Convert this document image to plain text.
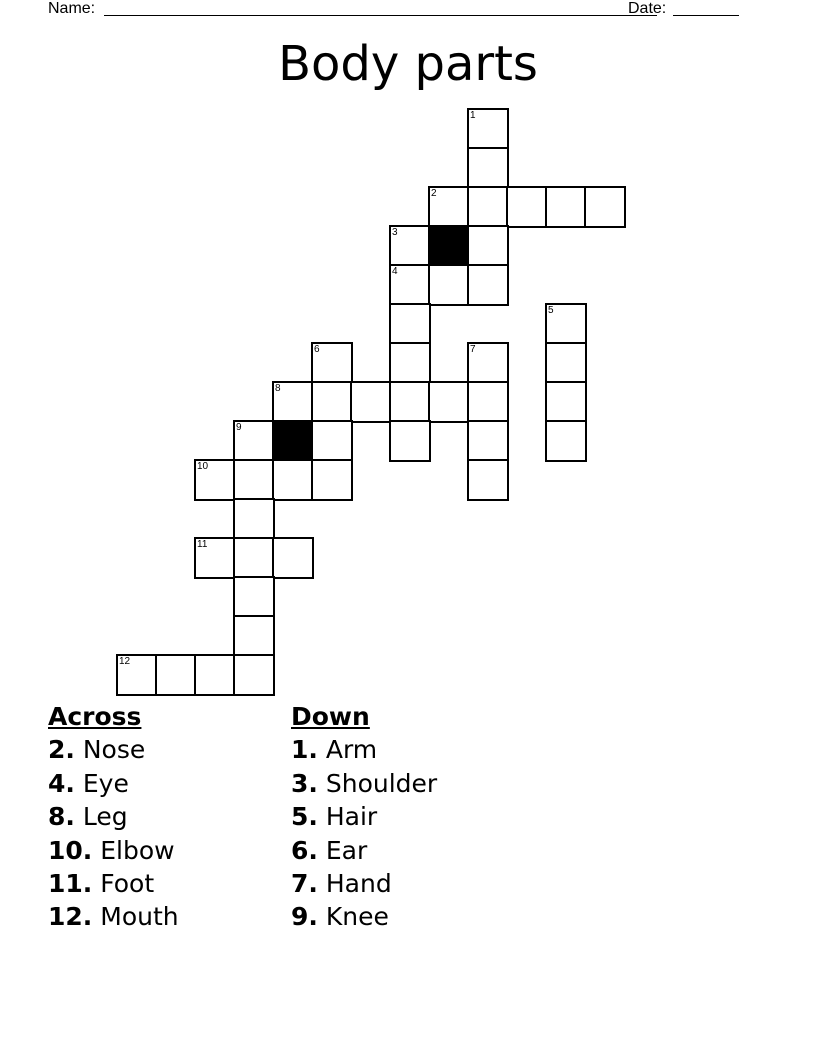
Name:	Date:
Body parts
1
2
3
4
5
6	7
8
9
10
11
12
Across
2. Nose
4. Eye
8. Leg
10. Elbow
11. Foot
12. Mouth
Down
1. Arm
3. Shoulder
5. Hair
6. Ear
7. Hand
9. Knee
